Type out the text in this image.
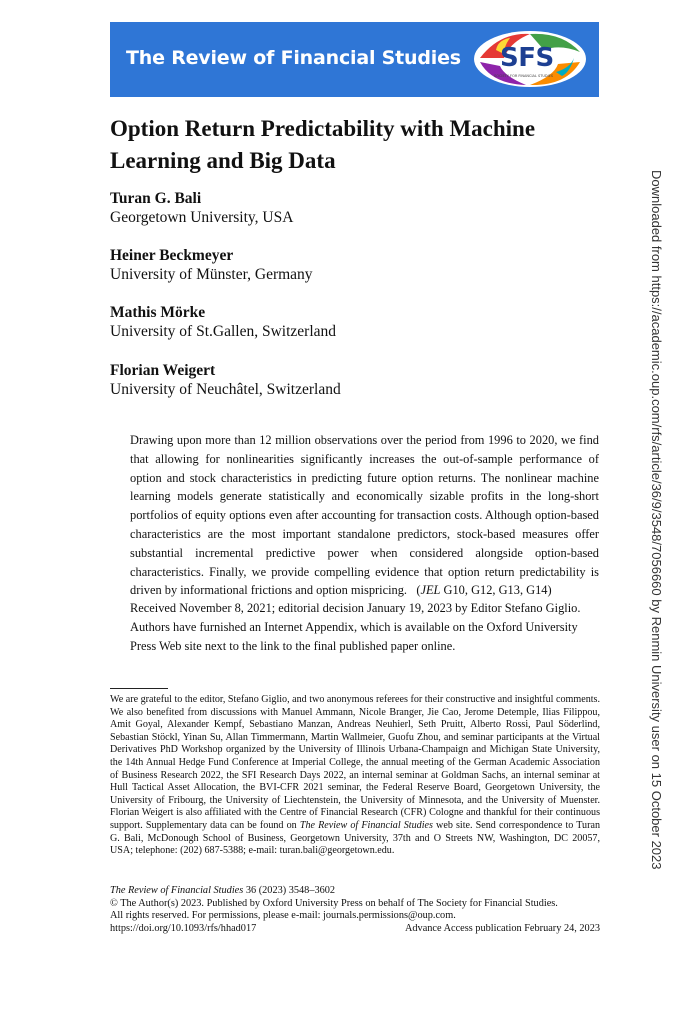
The Review of Financial Studies SFS
SOCIETY FOR FINANCIAL STUDIES
Option Return Predictability with Machine Learning and Big Data
Turan G. Bali
Georgetown University, USA
Heiner Beckmeyer
University of Münster, Germany
Mathis Mörke
University of St.Gallen, Switzerland
Florian Weigert
University of Neuchâtel, Switzerland

Drawing upon more than 12 million observations over the period from 1996 to 2020, we find that allowing for nonlinearities significantly increases the out-of-sample performance of option and stock characteristics in predicting future option returns. The nonlinear machine learning models generate statistically and economically sizable profits in the long-short portfolios of equity options even after accounting for transaction costs. Although option-based characteristics are the most important standalone predictors, stock-based measures offer substantial incremental predictive power when considered alongside option-based characteristics. Finally, we provide compelling evidence that option return predictability is driven by informational frictions and option mispricing.   (JEL G10, G12, G13, G14)

Received November 8, 2021; editorial decision January 19, 2023 by Editor Stefano Giglio. Authors have furnished an Internet Appendix, which is available on the Oxford University Press Web site next to the link to the final published paper online.

We are grateful to the editor, Stefano Giglio, and two anonymous referees for their constructive and insightful comments. We also benefited from discussions with Manuel Ammann, Nicole Branger, Jie Cao, Jerome Detemple, Ilias Filippou, Amit Goyal, Alexander Kempf, Sebastiano Manzan, Andreas Neuhierl, Seth Pruitt, Alberto Rossi, Paul Söderlind, Sebastian Stöckl, Yinan Su, Allan Timmermann, Martin Wallmeier, Guofu Zhou, and seminar participants at the Virtual Derivatives PhD Workshop organized by the University of Illinois Urbana-Champaign and Michigan State University, the 14th Annual Hedge Fund Conference at Imperial College, the annual meeting of the German Academic Association of Business Research 2022, the SFI Research Days 2022, an internal seminar at Goldman Sachs, an internal seminar at Hull Tactical Asset Allocation, the BVI-CFR 2021 seminar, the Federal Reserve Board, Georgetown University, the University of Fribourg, the University of Liechtenstein, the University of Minnesota, and the University of Muenster. Florian Weigert is also affiliated with the Centre of Financial Research (CFR) Cologne and thankful for their continuous support. Supplementary data can be found on The Review of Financial Studies web site. Send correspondence to Turan G. Bali, McDonough School of Business, Georgetown University, 37th and O Streets NW, Washington, DC 20057, USA; telephone: (202) 687-5388; e-mail: turan.bali@georgetown.edu.

The Review of Financial Studies 36 (2023) 3548–3602
© The Author(s) 2023. Published by Oxford University Press on behalf of The Society for Financial Studies.
All rights reserved. For permissions, please e-mail: journals.permissions@oup.com.
https://doi.org/10.1093/rfs/hhad017	Advance Access publication February 24, 2023
Downloaded from https://academic.oup.com/rfs/article/36/9/3548/7056660 by Renmin University user on 15 October 2023
